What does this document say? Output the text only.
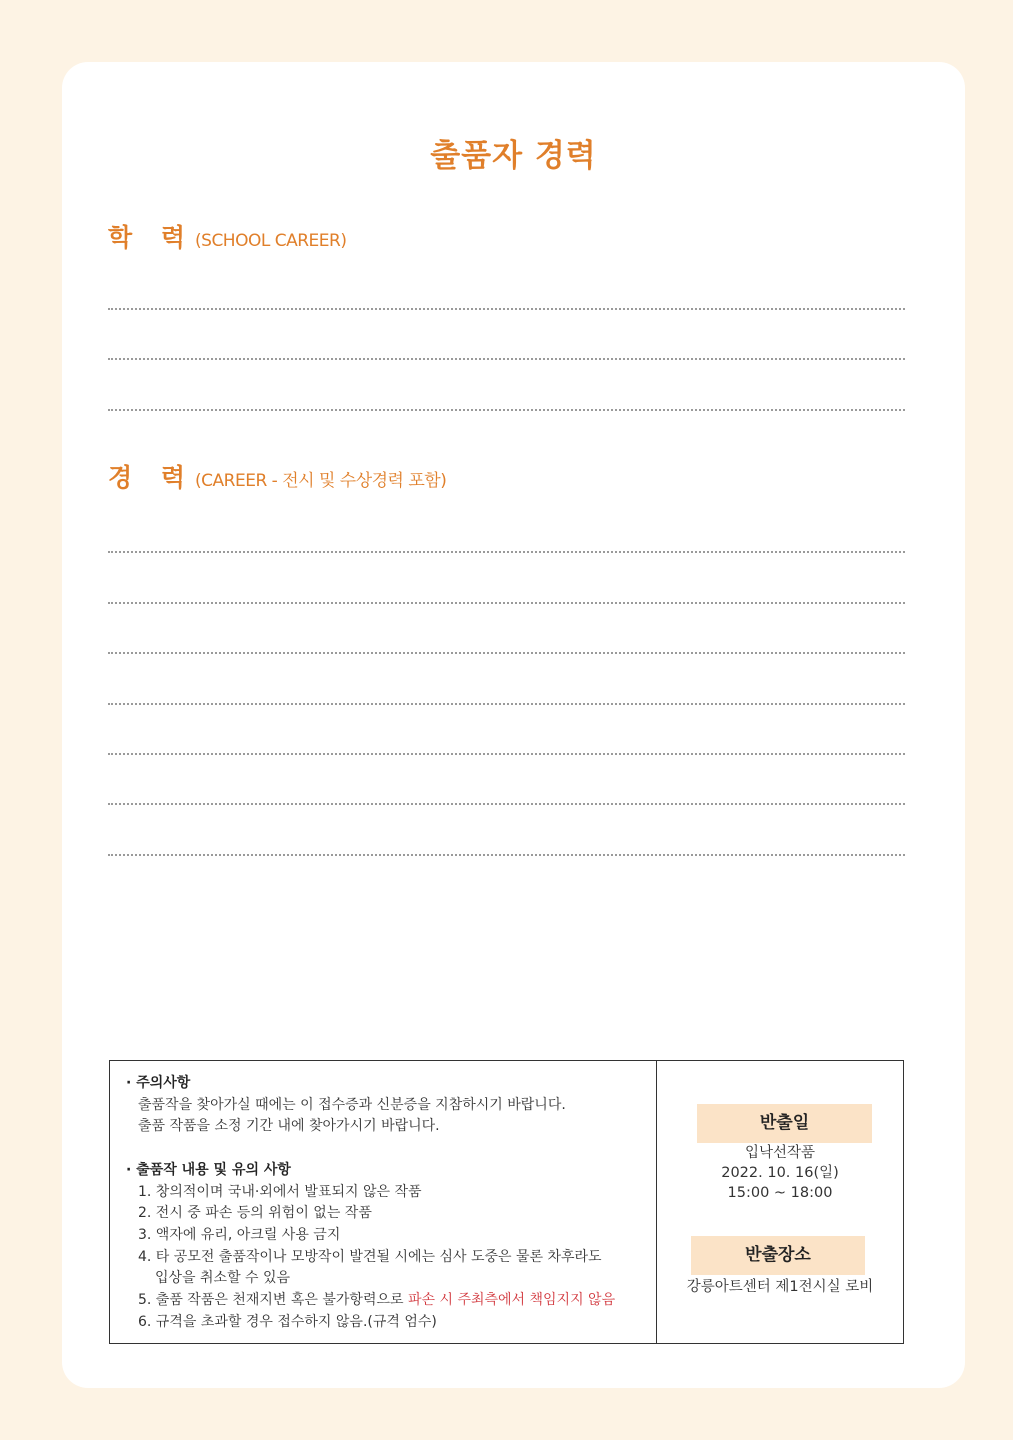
출품자 경력
학 력(SCHOOL CAREER)
경 력(CAREER - 전시 및 수상경력 포함)
· 주의사항
출품작을 찾아가실 때에는 이 접수증과 신분증을 지참하시기 바랍니다.
출품 작품을 소정 기간 내에 찾아가시기 바랍니다.
· 출품작 내용 및 유의 사항
1. 창의적이며 국내·외에서 발표되지 않은 작품
2. 전시 중 파손 등의 위험이 없는 작품
3. 액자에 유리, 아크릴 사용 금지
4. 타 공모전 출품작이나 모방작이 발견될 시에는 심사 도중은 물론 차후라도
입상을 취소할 수 있음
5. 출품 작품은 천재지변 혹은 불가항력으로 파손 시 주최측에서 책임지지 않음
6. 규격을 초과할 경우 접수하지 않음.(규격 엄수)
반출일
입낙선작품
2022. 10. 16(일)
15:00 ~ 18:00
반출장소
강릉아트센터 제1전시실 로비
